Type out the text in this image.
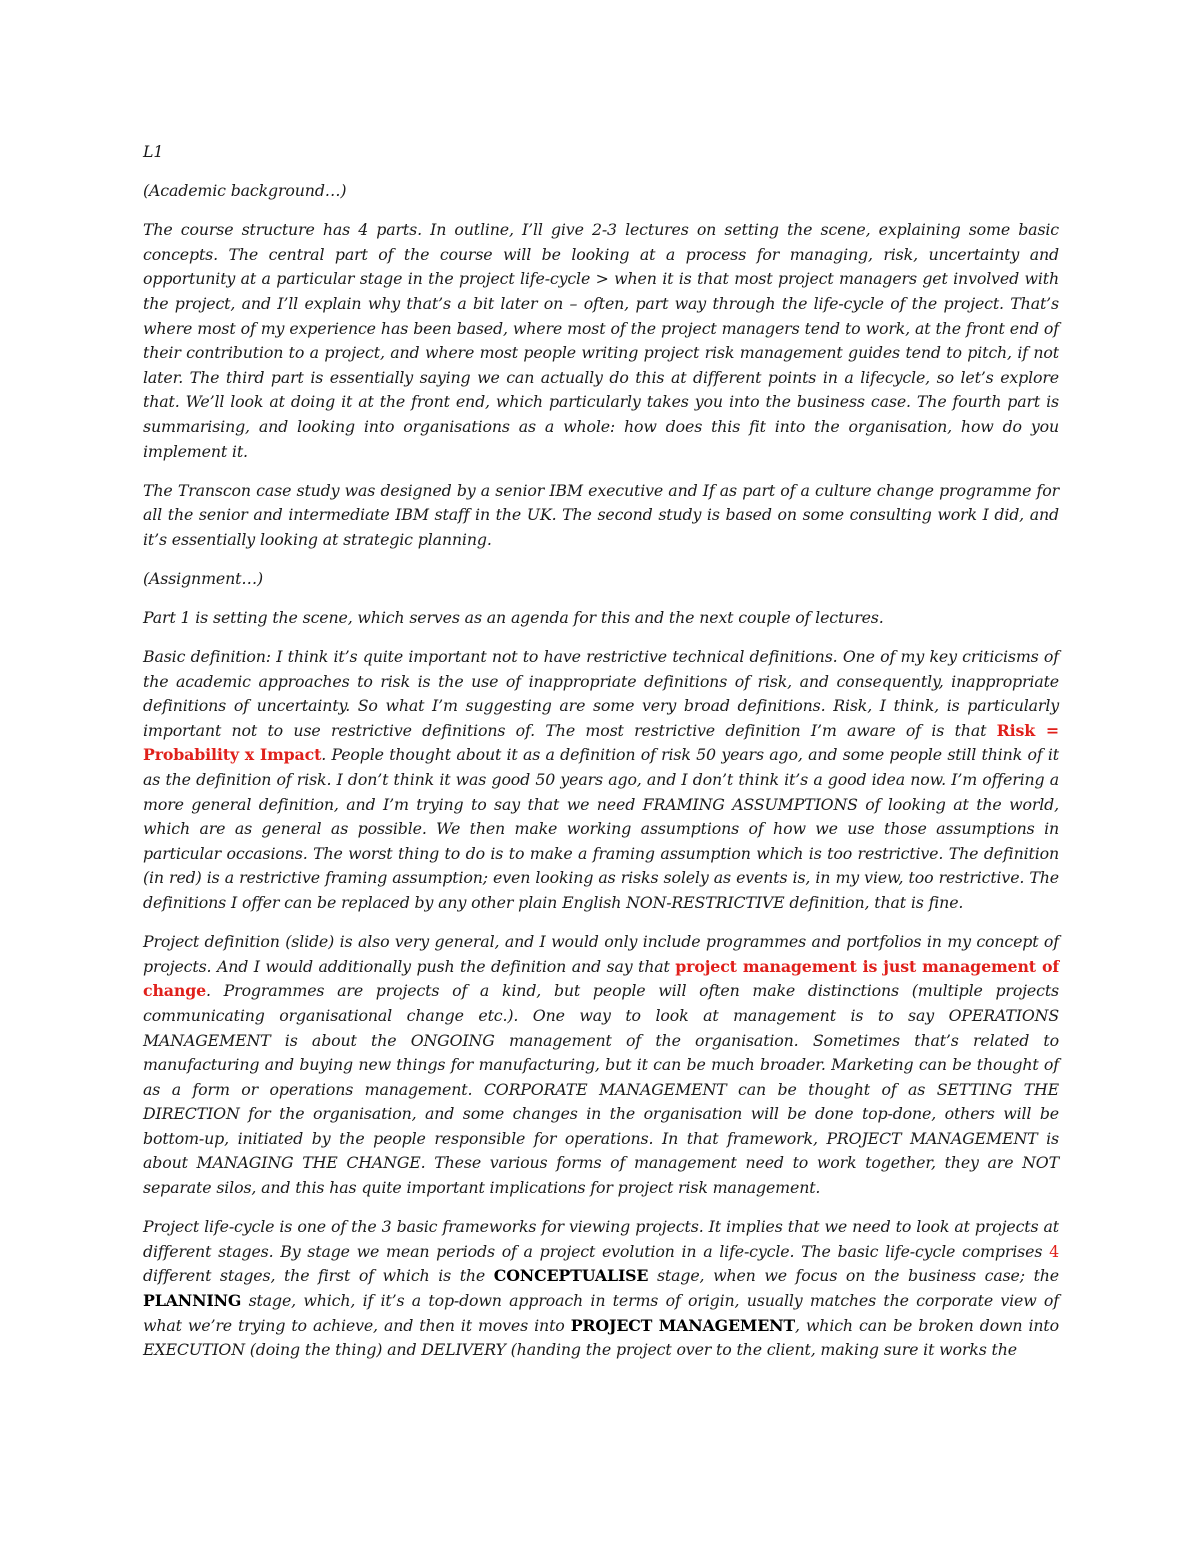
L1

(Academic background…)

The course structure has 4 parts. In outline, I’ll give 2-3 lectures on setting the scene, explaining some basic concepts. The central part of the course will be looking at a process for managing, risk, uncertainty and opportunity at a particular stage in the project life-cycle > when it is that most project managers get involved with the project, and I’ll explain why that’s a bit later on – often, part way through the life-cycle of the project. That’s where most of my experience has been based, where most of the project managers tend to work, at the front end of their contribution to a project, and where most people writing project risk management guides tend to pitch, if not later. The third part is essentially saying we can actually do this at different points in a lifecycle, so let’s explore that. We’ll look at doing it at the front end, which particularly takes you into the business case. The fourth part is summarising, and looking into organisations as a whole: how does this fit into the organisation, how do you implement it.

The Transcon case study was designed by a senior IBM executive and If as part of a culture change programme for all the senior and intermediate IBM staff in the UK. The second study is based on some consulting work I did, and it’s essentially looking at strategic planning.

(Assignment…)

Part 1 is setting the scene, which serves as an agenda for this and the next couple of lectures.

Basic definition: I think it’s quite important not to have restrictive technical definitions. One of my key criticisms of the academic approaches to risk is the use of inappropriate definitions of risk, and consequently, inappropriate definitions of uncertainty. So what I’m suggesting are some very broad definitions. Risk, I think, is particularly important not to use restrictive definitions of. The most restrictive definition I’m aware of is that Risk = Probability x Impact. People thought about it as a definition of risk 50 years ago, and some people still think of it as the definition of risk. I don’t think it was good 50 years ago, and I don’t think it’s a good idea now. I’m offering a more general definition, and I’m trying to say that we need FRAMING ASSUMPTIONS of looking at the world, which are as general as possible. We then make working assumptions of how we use those assumptions in particular occasions. The worst thing to do is to make a framing assumption which is too restrictive. The definition (in red) is a restrictive framing assumption; even looking as risks solely as events is, in my view, too restrictive. The definitions I offer can be replaced by any other plain English NON-RESTRICTIVE definition, that is fine.

Project definition (slide) is also very general, and I would only include programmes and portfolios in my concept of projects. And I would additionally push the definition and say that project management is just management of change. Programmes are projects of a kind, but people will often make distinctions (multiple projects communicating organisational change etc.). One way to look at management is to say OPERATIONS MANAGEMENT is about the ONGOING management of the organisation. Sometimes that’s related to manufacturing and buying new things for manufacturing, but it can be much broader. Marketing can be thought of as a form or operations management. CORPORATE MANAGEMENT can be thought of as SETTING THE DIRECTION for the organisation, and some changes in the organisation will be done top-done, others will be bottom-up, initiated by the people responsible for operations. In that framework, PROJECT MANAGEMENT is about MANAGING THE CHANGE. These various forms of management need to work together, they are NOT separate silos, and this has quite important implications for project risk management.

Project life-cycle is one of the 3 basic frameworks for viewing projects. It implies that we need to look at projects at different stages. By stage we mean periods of a project evolution in a life-cycle. The basic life-cycle comprises 4 different stages, the first of which is the CONCEPTUALISE stage, when we focus on the business case; the PLANNING stage, which, if it’s a top-down approach in terms of origin, usually matches the corporate view of what we’re trying to achieve, and then it moves into PROJECT MANAGEMENT, which can be broken down into EXECUTION (doing the thing) and DELIVERY (handing the project over to the client, making sure it works the
